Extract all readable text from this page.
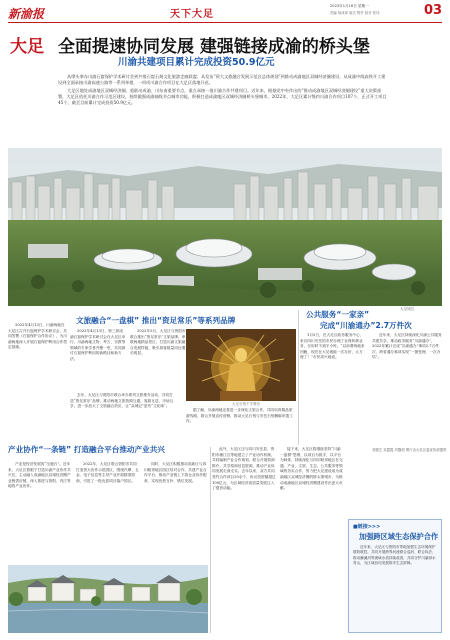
新渝报	天下大足
2023年1月16日 星期一
责编 杨成章 版式 程竹 校对 张伟	03
大足 全面提速协同发展 建强链接成渝的桥头堡
川渝共建项目累计完成投资50.9亿元

从摩头拳办川渝石窟保护学术研讨会到共推石窟石刻文化旅游走廊联盟；从发布“资大文旅融合发展示范区总体规划”到推动成渝地区双城经济圈建设，从成渝中线高铁开工建设到全面承接川渝高速公路等一系列举措，一项项川渝合作项目在大足区落地开花。

大足区地处成渝地区双城经济圈、重联动成渝、川东南重要节点，重点承接一批川渝合作共建项目。近年来，根据党中央作出的“推动成渝地区双城经济圈建设”重大决策部署，大足区依托川渝合作示范区建设，持续做强成渝轴线节点城市功能，积极打造成渝地区双城经济圈桥头堡城市。2022年，大足区累计签约川渝合作项目107个，正式开工项目45个，截至目前累计完成投资50.9亿元。

大足城区
2022年4月13日，川渝两地在大足区召开石窟保护学术研讨会，共同签署《石窟保护合作协议》，为川渝两地深入开展石窟保护利用合作奠定基础。
文旅融合“一盘棋” 推出“资足常乐”等系列品牌
2022年4月13日，第三届成渝石窟保护学术研讨会在大足区举行，川渝两地文物、考古、宗教等领域的专家学者齐聚一堂，共同探讨石窟保护利用的新路径和新方法。
2022年5月，大足区与资阳市联合推出“资足常乐”文旅品牌，串联两地精品景区，打造川渝文旅融合发展样板，吸引游客数量同比增长明显。
去年，大足区与资阳市联合举办系列文旅推介活动，共同打造“资足常乐”品牌，推动两地文旅资源互通、客源互送、市场互享，进一步放大了文旅融合效应，让“双城记”更有“文化味”。
大足石刻千手观音
据了解，川渝两地还将进一步深化文旅合作，共同培育精品旅游线路，联合开展宣传营销，推动大足石刻与安岳石刻捆绑申遗工作。
公共服务“一家亲”
完成“川渝通办”2.7万件次
1月5日，在大足区政务服务中心，来自四川安岳的市民办理了社保转移业务，仅用时不到半小时。“以前要两地来回跑，现在在大足就能一次办好，太方便了！”市民高兴地说。
近年来，大足区持续深化川渝公共服务共建共享，推动政务服务“川渝通办”，2022年累计完成“川渝通办”事项2.7万件次，跨省通办事项实现“一窗受理、一次办结”。
产业协作“一条链” 打造融合平台推动产业共兴
产业是经济发展的“压舱石”。近年来，大足区着眼于打造川渝产业协作共兴区，主动融入成渝地区双城经济圈产业链供应链，深入推进与资阳、内江等地的产业协作。
2022年，大足区联合资阳市共同打造资大协作示范园区，围绕汽摩、五金、电子信息等主导产业开展精准招商，引进了一批优质项目落户园区。
同时，大足区积极推动高新区与四川毗邻地区园区结对合作，共建产业合作平台，推动产业链上下游企业协作配套，实现优势互补、错位发展。
此外，大足区还与四川安岳县、资阳市雁江区等地建立了产业协作机制，共同编制产业合作规划，联合开展招商推介，共享招商信息资源，推动产业协同发展走深走实。去年以来，双方共同签约合作项目20余个，协议投资额超过100亿元，为区域经济高质量发展注入了强劲动能。
接下来，大足区将继续坚持“川渝一盘棋”思维，以项目为抓手，以平台为载体，持续深化与四川毗邻地区在交通、产业、文旅、生态、公共服务等领域的务实合作，努力把大足建设成为成渝地区双城经济圈的桥头堡城市，为推动成渝地区双城经济圈建设作出更大贡献。
刘瑞芝 吴霞霞 冯馨玥 图片由大足区委宣传部提供
■链接>>>
加强跨区域生态保护合作
近年来，大足区与资阳市等地加强生态环境保护联防联控，共同开展跨界河流联合巡河、联合执法，推动濑溪河等流域水质持续改善，共同守护川渝绿水青山，为区域协同发展筑牢生态屏障。
